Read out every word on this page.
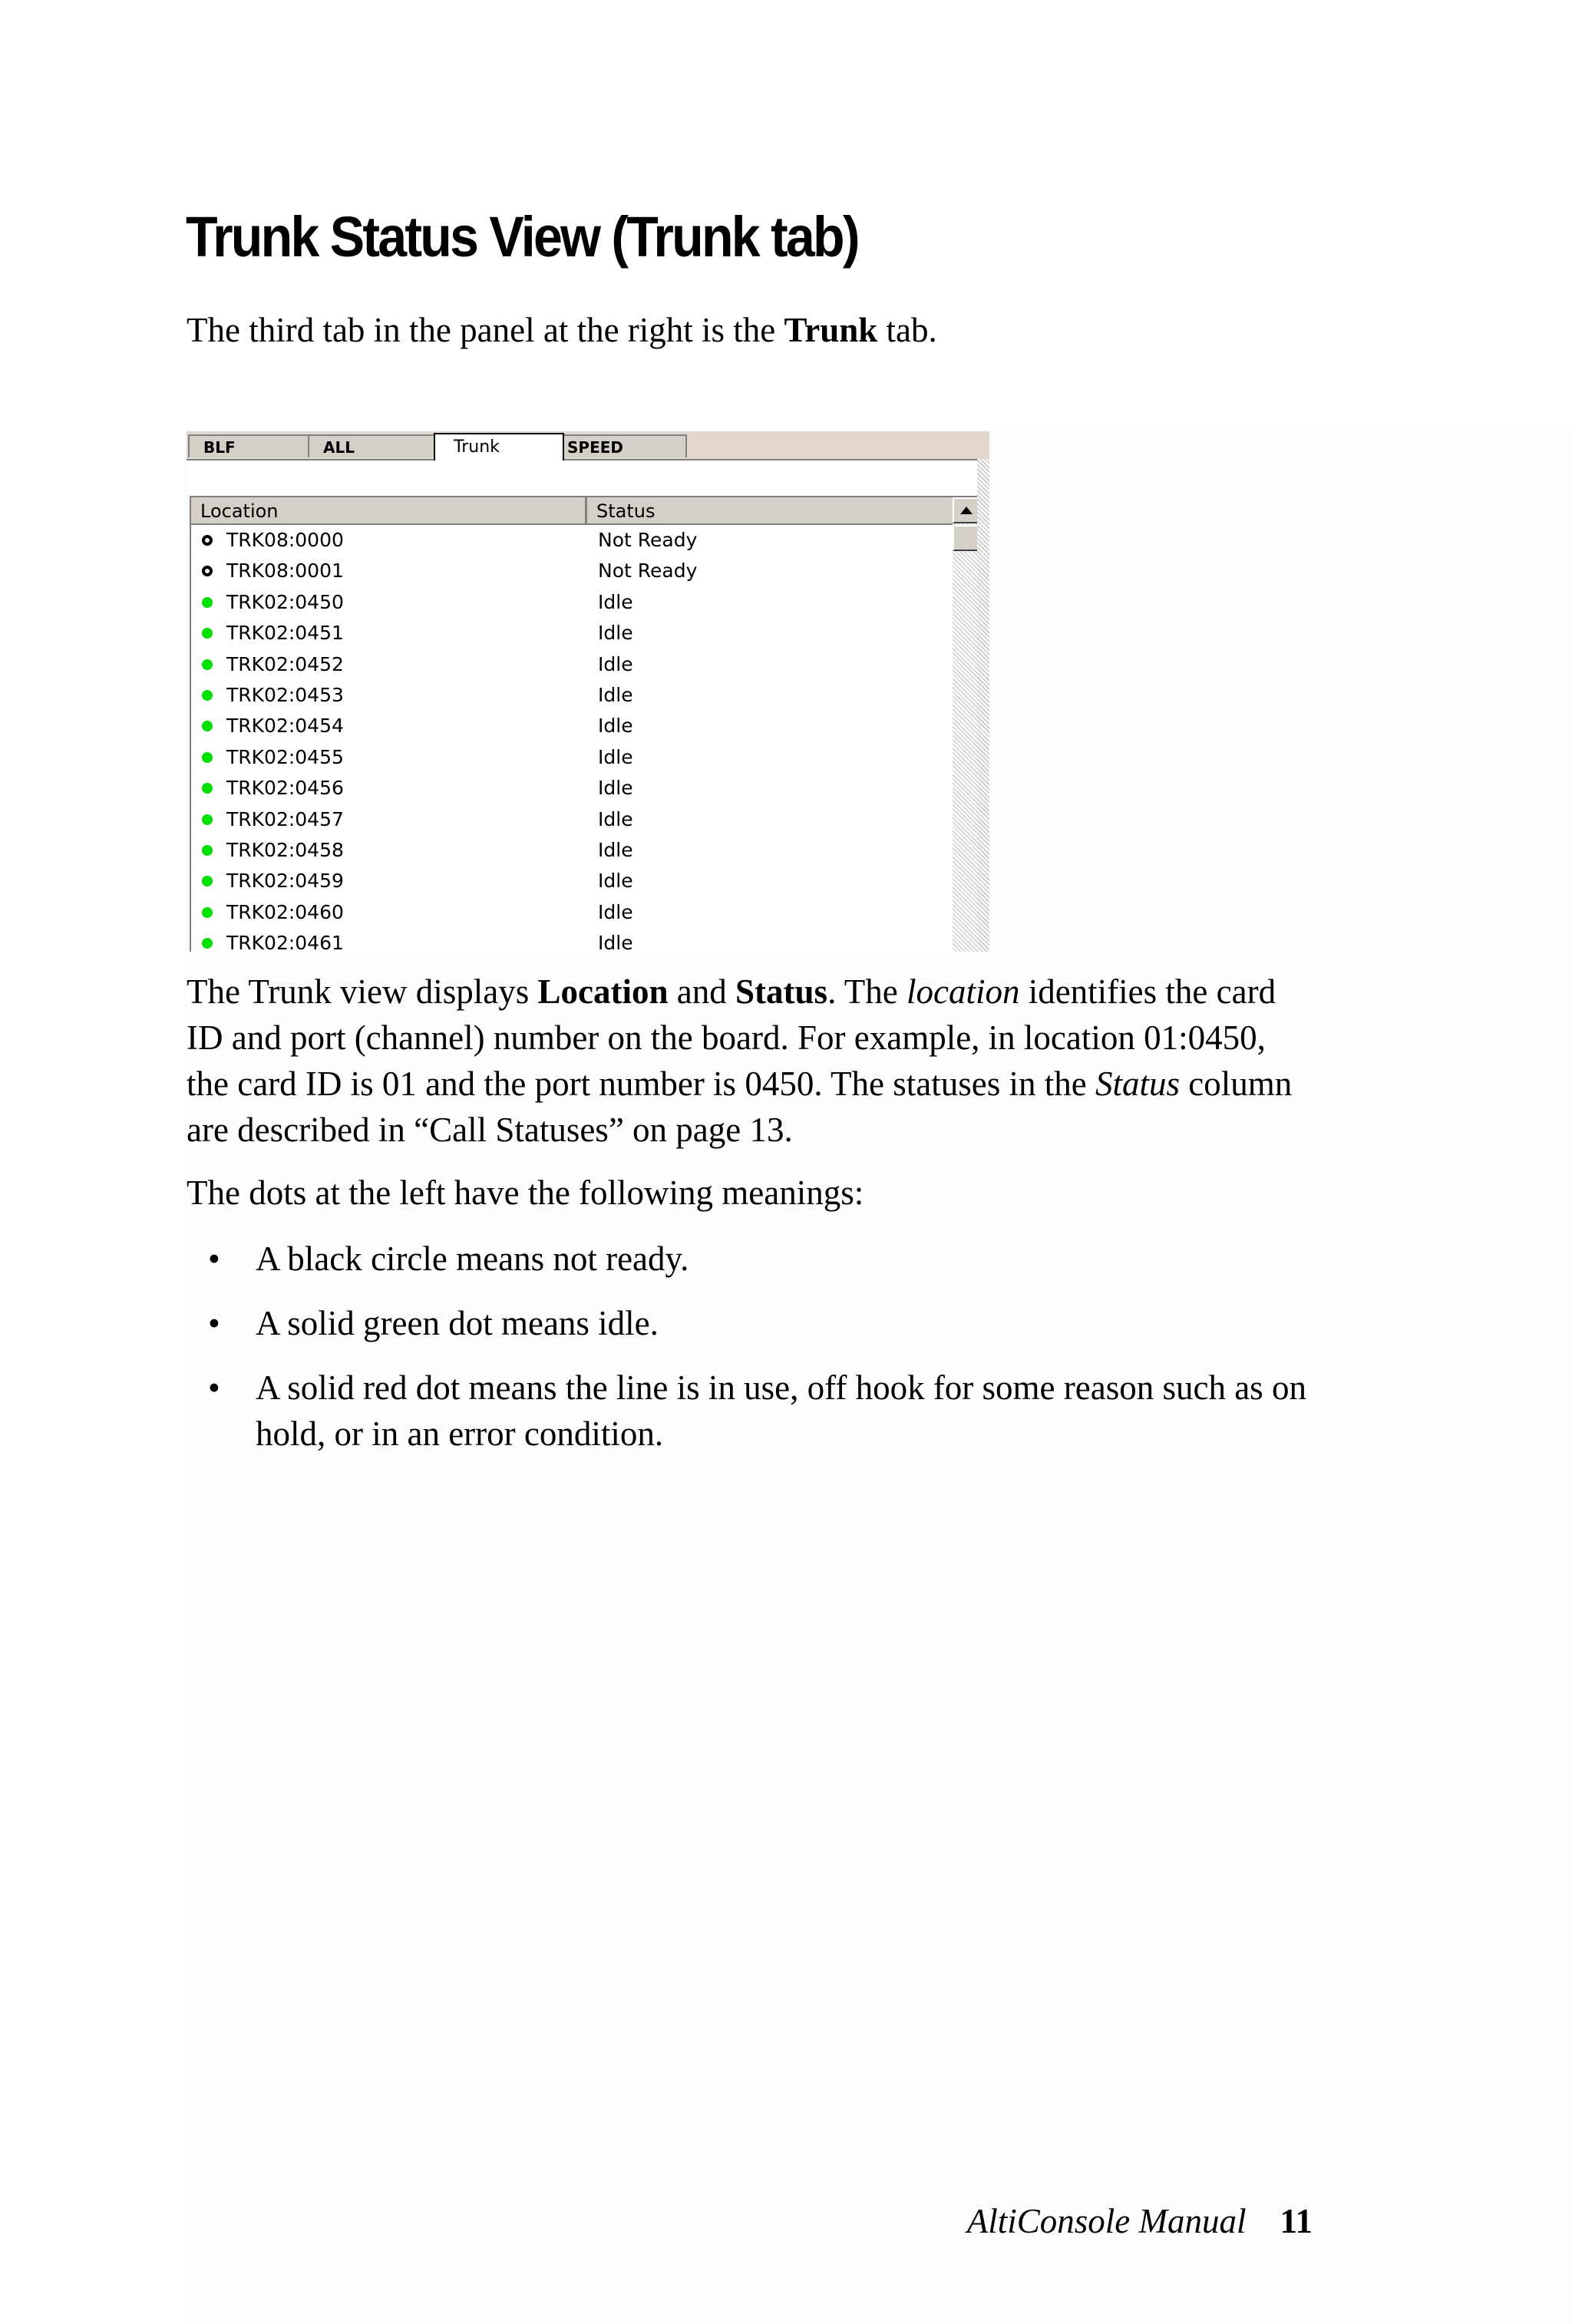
Trunk Status View (Trunk tab)

The third tab in the panel at the right is the Trunk tab.

BLF	ALL	SPEED
Trunk
Location	Status
TRK08:0000	Not Ready
TRK08:0001	Not Ready
TRK02:0450	Idle
TRK02:0451	Idle
TRK02:0452	Idle
TRK02:0453	Idle
TRK02:0454	Idle
TRK02:0455	Idle
TRK02:0456	Idle
TRK02:0457	Idle
TRK02:0458	Idle
TRK02:0459	Idle
TRK02:0460	Idle
TRK02:0461	Idle

The Trunk view displays Location and Status. The location identifies the card ID and port (channel) number on the board. For example, in location 01:0450, the card ID is 01 and the port number is 0450. The statuses in the Status column are described in “Call Statuses” on page 13.

The dots at the left have the following meanings:

• A black circle means not ready.
• A solid green dot means idle.
• A solid red dot means the line is in use, off hook for some reason such as on hold, or in an error condition.
AltiConsole Manual 11
